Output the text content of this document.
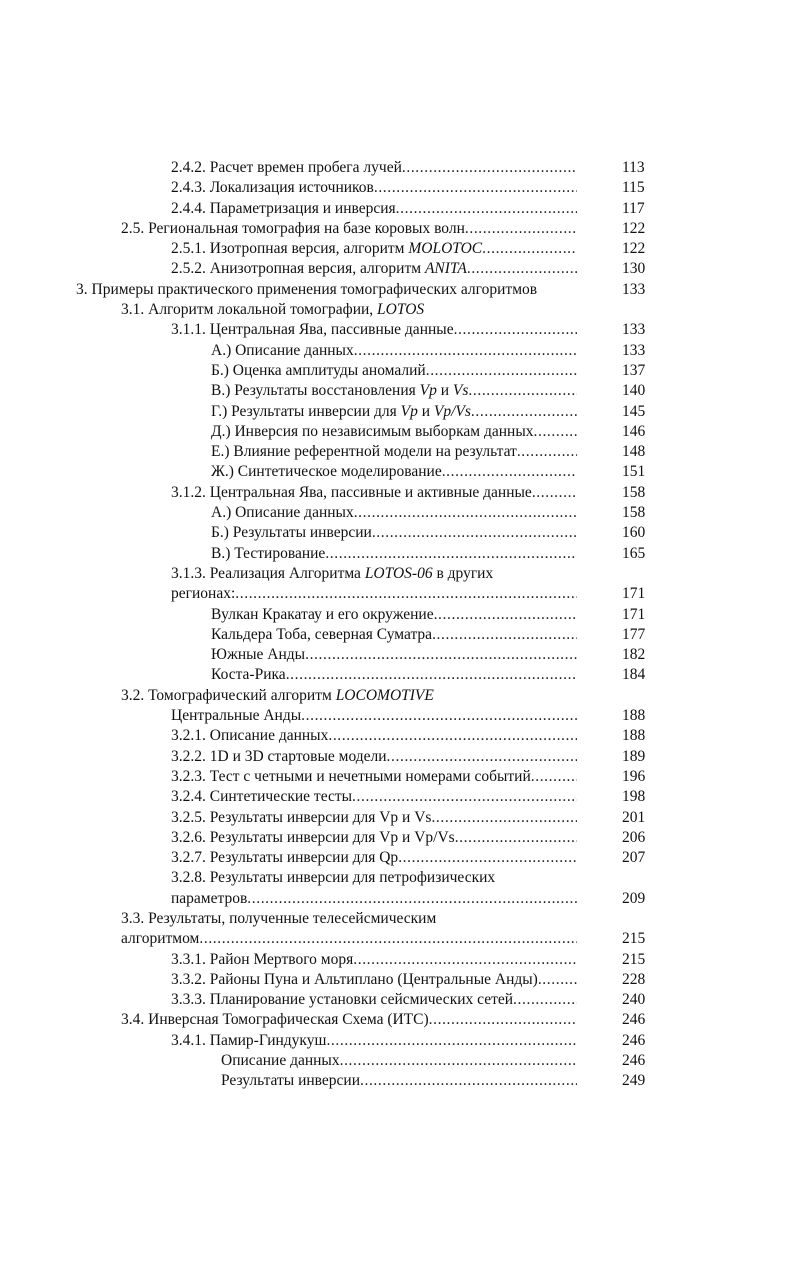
2.4.2. Расчет времен пробега лучей .....	113
2.4.3. Локализация источников .....	115
2.4.4. Параметризация и инверсия .....	117
2.5. Региональная томография на базе коровых волн .....	122
2.5.1. Изотропная версия, алгоритм MOLOTOC .....	122
2.5.2. Анизотропная версия, алгоритм ANITA .....	130
3. Примеры практического применения томографических алгоритмов	133
3.1. Алгоритм локальной томографии, LOTOS
3.1.1. Центральная Ява, пассивные данные .....	133
А.) Описание данных .....	133
Б.) Оценка амплитуды аномалий .....	137
В.) Результаты восстановления Vp и Vs .....	140
Г.) Результаты инверсии для Vp и Vp/Vs .....	145
Д.) Инверсия по независимым выборкам данных .....	146
Е.) Влияние референтной модели на результат .....	148
Ж.) Синтетическое моделирование .....	151
3.1.2. Центральная Ява, пассивные и активные данные .....	158
А.) Описание данных .....	158
Б.) Результаты инверсии .....	160
В.) Тестирование .....	165
3.1.3. Реализация Алгоритма LOTOS-06 в других
регионах: .....	171
Вулкан Кракатау и его окружение .....	171
Кальдера Тоба, северная Суматра .....	177
Южные Анды .....	182
Коста-Рика .....	184
3.2. Томографический алгоритм LOCOMOTIVE
Центральные Анды .....	188
3.2.1. Описание данных .....	188
3.2.2. 1D и 3D стартовые модели .....	189
3.2.3. Тест с четными и нечетными номерами событий .....	196
3.2.4. Синтетические тесты .....	198
3.2.5. Результаты инверсии для Vp и Vs .....	201
3.2.6. Результаты инверсии для Vp и Vp/Vs .....	206
3.2.7. Результаты инверсии для Qp .....	207
3.2.8. Результаты инверсии для петрофизических
параметров .....	209
3.3. Результаты, полученные телесейсмическим
алгоритмом .....	215
3.3.1. Район Мертвого моря .....	215
3.3.2. Районы Пуна и Альтиплано (Центральные Анды) .....	228
3.3.3. Планирование установки сейсмических сетей .....	240
3.4. Инверсная Томографическая Схема (ИТС) .....	246
3.4.1. Памир-Гиндукуш .....	246
Описание данных .....	246
Результаты инверсии .....	249
